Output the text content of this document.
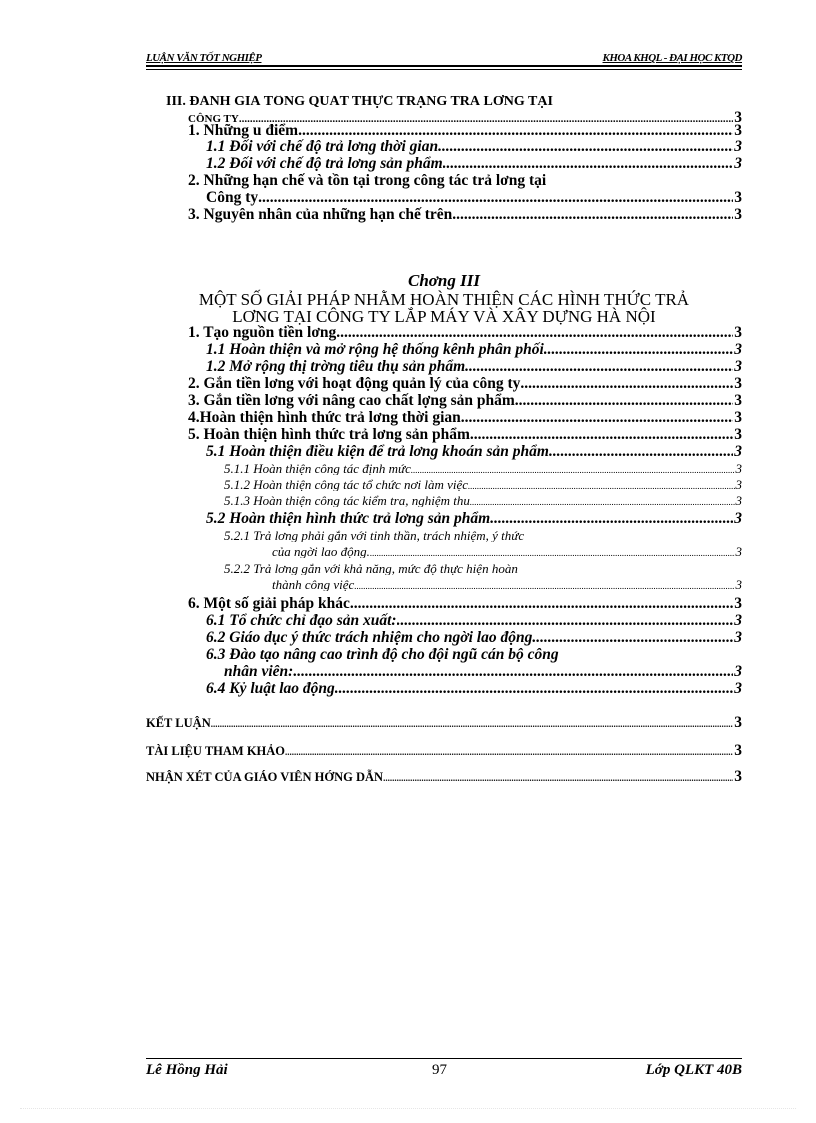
LUẬN VĂN TỐT NGHIỆP	KHOA KHQL - ĐẠI HỌC KTQD
III. ĐÁNH GIÁ TỔNG QUÁT THỰC TRẠNG TRẢ LƠNG TẠI
CÔNG TY .....	3
1. Những u điểm .....	3
1.1 Đối với chế độ trả lơng thời gian .....	3
1.2 Đối với chế độ trả lơng sản phẩm .....	3
2. Những hạn chế và tồn tại trong công tác trả lơng tại
Công ty .....	3
3. Nguyên nhân của những hạn chế trên .....	3
Chơng III
MỘT SỐ GIẢI PHÁP NHẰM HOÀN THIỆN CÁC HÌNH THỨC TRẢ
LƠNG TẠI CÔNG TY LẮP MÁY VÀ XÂY DỰNG HÀ NỘI
1. Tạo nguồn tiền lơng .....	3
1.1 Hoàn thiện và mở rộng hệ thống kênh phân phối .....	3
1.2 Mở rộng thị trờng tiêu thụ sản phẩm .....	3
2. Gắn tiền lơng với hoạt động quản lý của công ty .....	3
3. Gắn tiền lơng với nâng cao chất lợng sản phẩm. .....	3
4.Hoàn thiện hình thức trả lơng thời gian .....	3
5. Hoàn thiện hình thức trả lơng sản phẩm .....	3
5.1 Hoàn thiện điều kiện để trả lơng khoán sản phẩm .....	3
5.1.1 Hoàn thiện công tác định mức .....	3
5.1.2 Hoàn thiện công tác tổ chức nơi làm việc .....	3
5.1.3 Hoàn thiện công tác kiểm tra, nghiệm thu .....	3
5.2 Hoàn thiện hình thức trả lơng sản phẩm .....	3
5.2.1 Trả lơng phải gắn với tinh thần, trách nhiệm, ý thức
của ngời lao động. .....	3
5.2.2 Trả lơng gắn với khả năng, mức độ thực hiện hoàn
thành công việc .....	3
6. Một số giải pháp khác .....	3
6.1 Tổ chức chỉ đạo sản xuất: .....	3
6.2 Giáo dục ý thức trách nhiệm cho ngời lao động .....	3
6.3 Đào tạo nâng cao trình độ cho đội ngũ cán bộ công
nhân viên: .....	3
6.4 Kỷ luật lao động .....	3
KẾT LUẬN .....	3
TÀI LIỆU THAM KHẢO .....	3
NHẬN XÉT CỦA GIÁO VIÊN HỚNG DẪN .....	3
Lê Hồng Hải	97	Lớp QLKT 40B
